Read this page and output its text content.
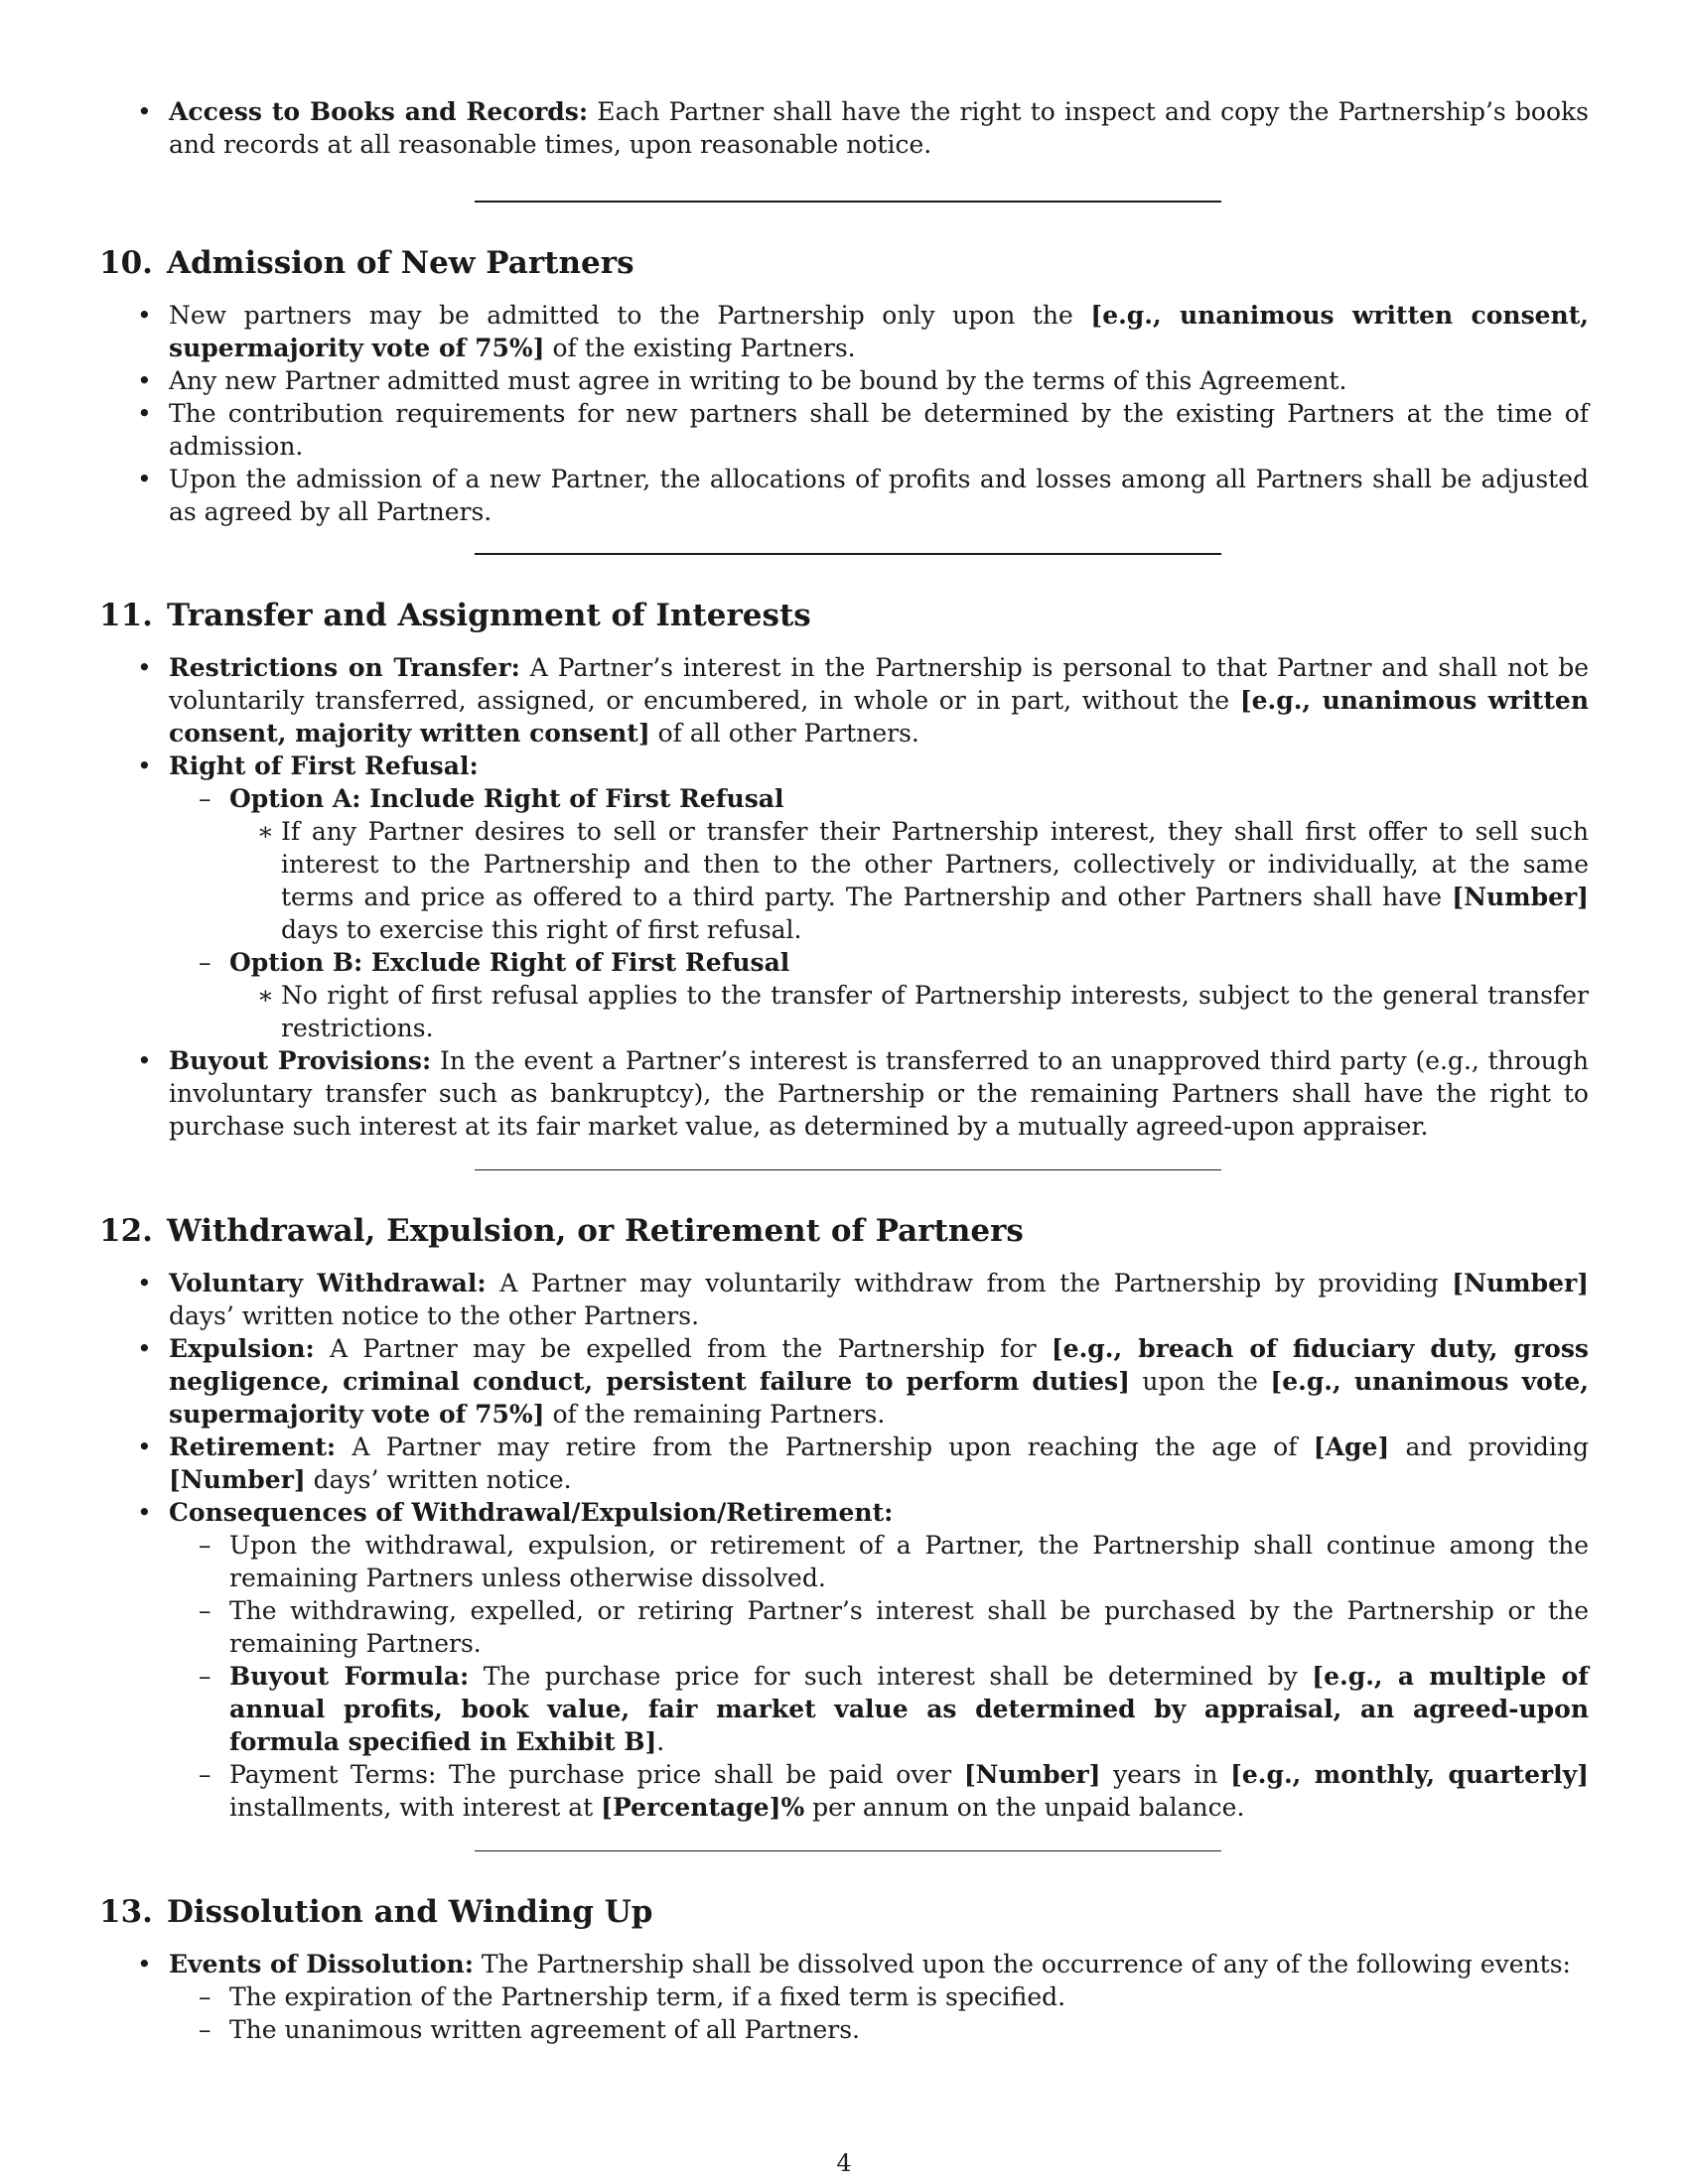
• Access to Books and Records: Each Partner shall have the right to inspect and copy the Partnership’s books and records at all reasonable times, upon reasonable notice.
10. Admission of New Partners
• New partners may be admitted to the Partnership only upon the [e.g., unanimous written consent, supermajority vote of 75%] of the existing Partners.
• Any new Partner admitted must agree in writing to be bound by the terms of this Agreement.
• The contribution requirements for new partners shall be determined by the existing Partners at the time of admission.
• Upon the admission of a new Partner, the allocations of profits and losses among all Partners shall be adjusted as agreed by all Partners.
11. Transfer and Assignment of Interests
• Restrictions on Transfer: A Partner’s interest in the Partnership is personal to that Partner and shall not be voluntarily transferred, assigned, or encumbered, in whole or in part, without the [e.g., unanimous written consent, majority written consent] of all other Partners.
• Right of First Refusal:
– Option A: Include Right of First Refusal
∗ If any Partner desires to sell or transfer their Partnership interest, they shall first offer to sell such interest to the Partnership and then to the other Partners, collectively or individually, at the same terms and price as offered to a third party. The Partnership and other Partners shall have [Number] days to exercise this right of first refusal.
– Option B: Exclude Right of First Refusal
∗ No right of first refusal applies to the transfer of Partnership interests, subject to the general transfer restrictions.
• Buyout Provisions: In the event a Partner’s interest is transferred to an unapproved third party (e.g., through involuntary transfer such as bankruptcy), the Partnership or the remaining Partners shall have the right to purchase such interest at its fair market value, as determined by a mutually agreed-upon appraiser.
12. Withdrawal, Expulsion, or Retirement of Partners
• Voluntary Withdrawal: A Partner may voluntarily withdraw from the Partnership by providing [Number] days’ written notice to the other Partners.
• Expulsion: A Partner may be expelled from the Partnership for [e.g., breach of fiduciary duty, gross negligence, criminal conduct, persistent failure to perform duties] upon the [e.g., unanimous vote, supermajority vote of 75%] of the remaining Partners.
• Retirement: A Partner may retire from the Partnership upon reaching the age of [Age] and providing [Number] days’ written notice.
• Consequences of Withdrawal/Expulsion/Retirement:
– Upon the withdrawal, expulsion, or retirement of a Partner, the Partnership shall continue among the remaining Partners unless otherwise dissolved.
– The withdrawing, expelled, or retiring Partner’s interest shall be purchased by the Partnership or the remaining Partners.
– Buyout Formula: The purchase price for such interest shall be determined by [e.g., a multiple of annual profits, book value, fair market value as determined by appraisal, an agreed-upon formula specified in Exhibit B].
– Payment Terms: The purchase price shall be paid over [Number] years in [e.g., monthly, quarterly] installments, with interest at [Percentage]% per annum on the unpaid balance.
13. Dissolution and Winding Up
• Events of Dissolution: The Partnership shall be dissolved upon the occurrence of any of the following events:
– The expiration of the Partnership term, if a fixed term is specified.
– The unanimous written agreement of all Partners.
4
